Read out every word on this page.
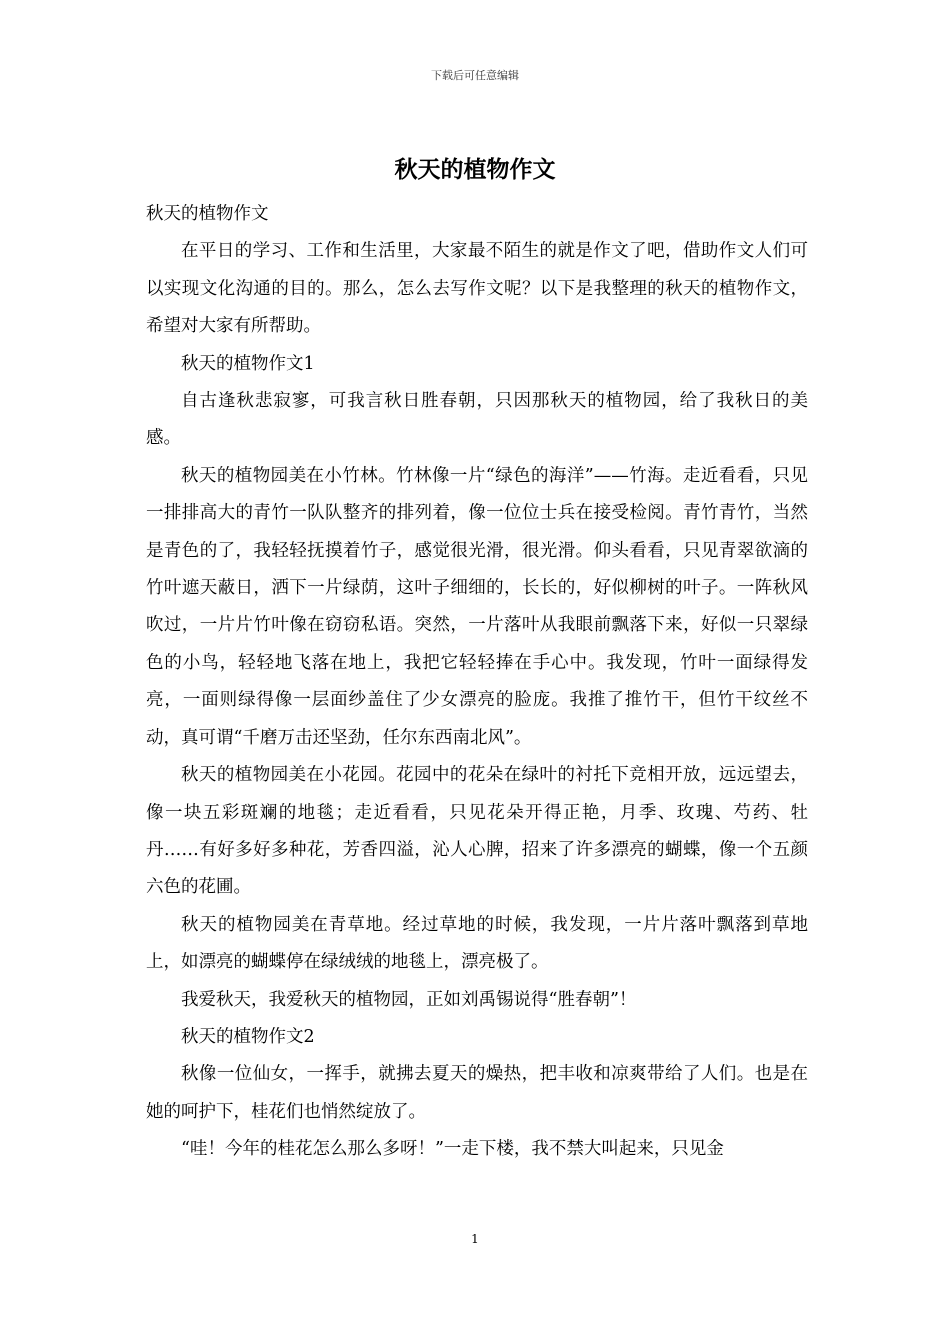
下载后可任意编辑
秋天的植物作文

秋天的植物作文

在平日的学习、工作和生活里，大家最不陌生的就是作文了吧，借助作文人们可以实现文化沟通的目的。那么，怎么去写作文呢？以下是我整理的秋天的植物作文，希望对大家有所帮助。

秋天的植物作文1

自古逢秋悲寂寥，可我言秋日胜春朝，只因那秋天的植物园，给了我秋日的美感。

秋天的植物园美在小竹林。竹林像一片“绿色的海洋”——竹海。走近看看，只见一排排高大的青竹一队队整齐的排列着，像一位位士兵在接受检阅。青竹青竹，当然是青色的了，我轻轻抚摸着竹子，感觉很光滑，很光滑。仰头看看，只见青翠欲滴的竹叶遮天蔽日，洒下一片绿荫，这叶子细细的，长长的，好似柳树的叶子。一阵秋风吹过，一片片竹叶像在窃窃私语。突然，一片落叶从我眼前飘落下来，好似一只翠绿色的小鸟，轻轻地飞落在地上，我把它轻轻捧在手心中。我发现，竹叶一面绿得发亮，一面则绿得像一层面纱盖住了少女漂亮的脸庞。我推了推竹干，但竹干纹丝不动，真可谓“千磨万击还坚劲，任尔东西南北风”。

秋天的植物园美在小花园。花园中的花朵在绿叶的衬托下竞相开放，远远望去，像一块五彩斑斓的地毯；走近看看，只见花朵开得正艳，月季、玫瑰、芍药、牡丹……有好多好多种花，芳香四溢，沁人心脾，招来了许多漂亮的蝴蝶，像一个五颜六色的花圃。

秋天的植物园美在青草地。经过草地的时候，我发现，一片片落叶飘落到草地上，如漂亮的蝴蝶停在绿绒绒的地毯上，漂亮极了。

我爱秋天，我爱秋天的植物园，正如刘禹锡说得“胜春朝”！

秋天的植物作文2

秋像一位仙女，一挥手，就拂去夏天的燥热，把丰收和凉爽带给了人们。也是在她的呵护下，桂花们也悄然绽放了。

“哇！今年的桂花怎么那么多呀！”一走下楼，我不禁大叫起来，只见金

1
